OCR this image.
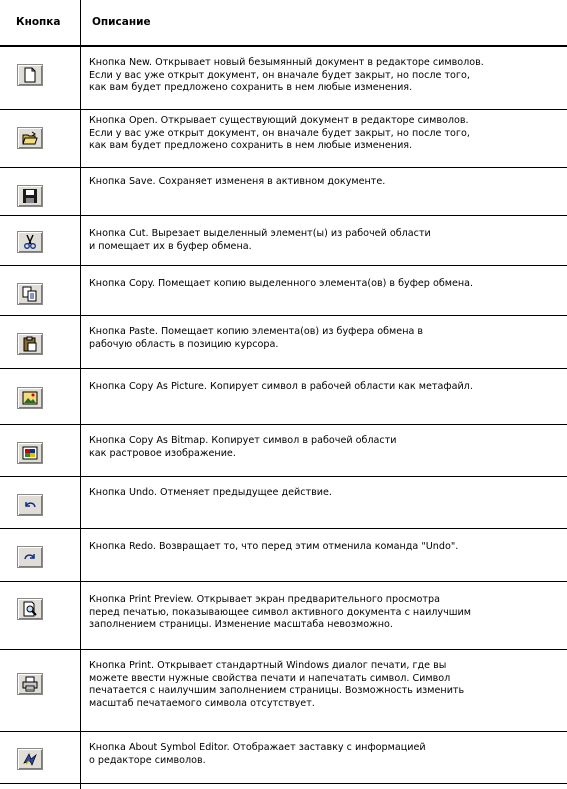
Кнопка	Описание
Кнопка New. Открывает новый безымянный документ в редакторе символов.
Если у вас уже открыт документ, он вначале будет закрыт, но после того,
как вам будет предложено сохранить в нем любые изменения.
Кнопка Open. Открывает существующий документ в редакторе символов.
Если у вас уже открыт документ, он вначале будет закрыт, но после того,
как вам будет предложено сохранить в нем любые изменения.
Кнопка Save. Сохраняет измененя в активном документе.
Кнопка Cut. Вырезает выделенный элемент(ы) из рабочей области
и помещает их в буфер обмена.
Кнопка Copy. Помещает копию выделенного элемента(ов) в буфер обмена.
Кнопка Paste. Помещает копию элемента(ов) из буфера обмена в
рабочую область в позицию курсора.
Кнопка Copy As Picture. Копирует символ в рабочей области как метафайл.
Кнопка Copy As Bitmap. Копирует символ в рабочей области
как растровое изображение.
Кнопка Undo. Отменяет предыдущее действие.
Кнопка Redo. Возвращает то, что перед этим отменила команда "Undo".
Кнопка Print Preview. Открывает экран предварительного просмотра
перед печатью, показывающее символ активного документа с наилучшим
заполнением страницы. Изменение масштаба невозможно.
Кнопка Print. Открывает стандартный Windows диалог печати, где вы
можете ввести нужные свойства печати и напечатать символ. Символ
печатается с наилучшим заполнением страницы. Возможность изменить
масштаб печатаемого символа отсутствует.
Кнопка About Symbol Editor. Отображает заставку с информацией
о редакторе символов.
